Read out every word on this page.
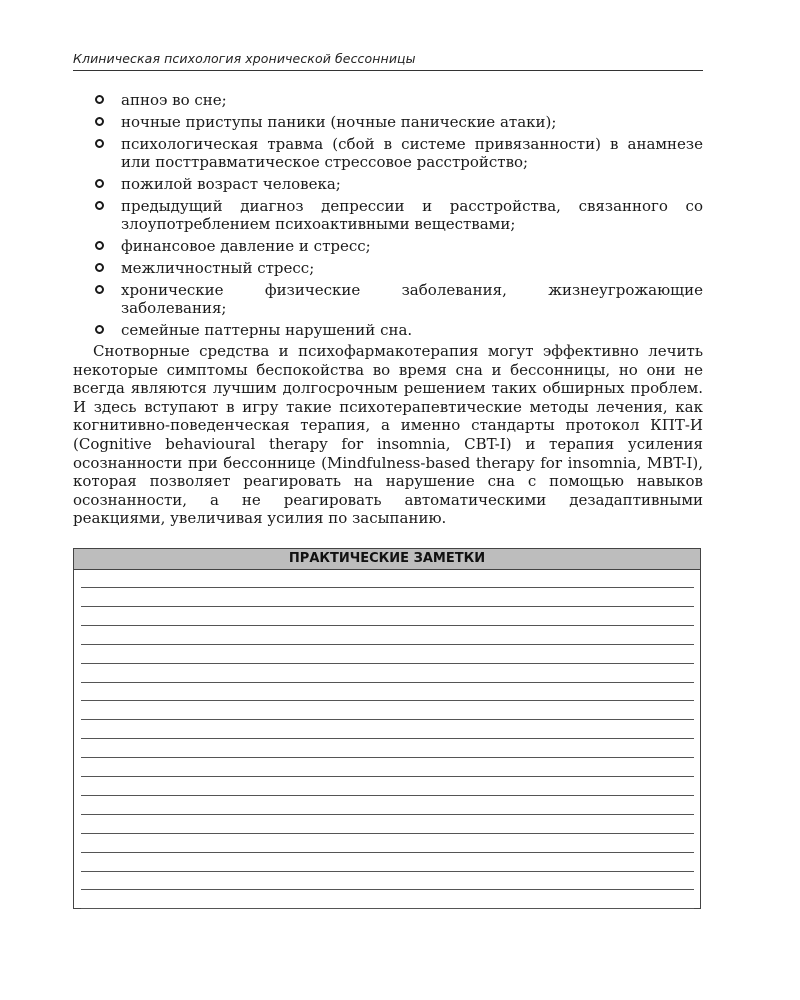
Клиническая психология хронической бессонницы
апноэ во сне;
ночные приступы паники (ночные панические атаки);
психологическая травма (сбой в системе привязанности) в анамнезе или посттравматическое стрессовое расстройство;
пожилой возраст человека;
предыдущий диагноз депрессии и расстройства, связанного со злоупотреблением психоактивными веществами;
финансовое давление и стресс;
межличностный стресс;
хронические физические заболевания, жизнеугрожающие заболевания;
семейные паттерны нарушений сна.

Снотворные средства и психофармакотерапия могут эффективно лечить некоторые симптомы беспокойства во время сна и бессонницы, но они не всегда являются лучшим долгосрочным решением таких обширных проблем. И здесь вступают в игру такие психотерапевтические методы лечения, как когнитивно-поведенческая терапия, а именно стандарты протокол КПТ-И (Cognitive behavioural therapy for insomnia, CBT-I) и терапия усиления осознанности при бессоннице (Mindfulness-based therapy for insomnia, MBT-I), которая позволяет реагировать на нарушение сна с помощью навыков осознанности, а не реагировать автоматическими дезадаптивными реакциями, увеличивая усилия по засыпанию.

ПРАКТИЧЕСКИЕ ЗАМЕТКИ
